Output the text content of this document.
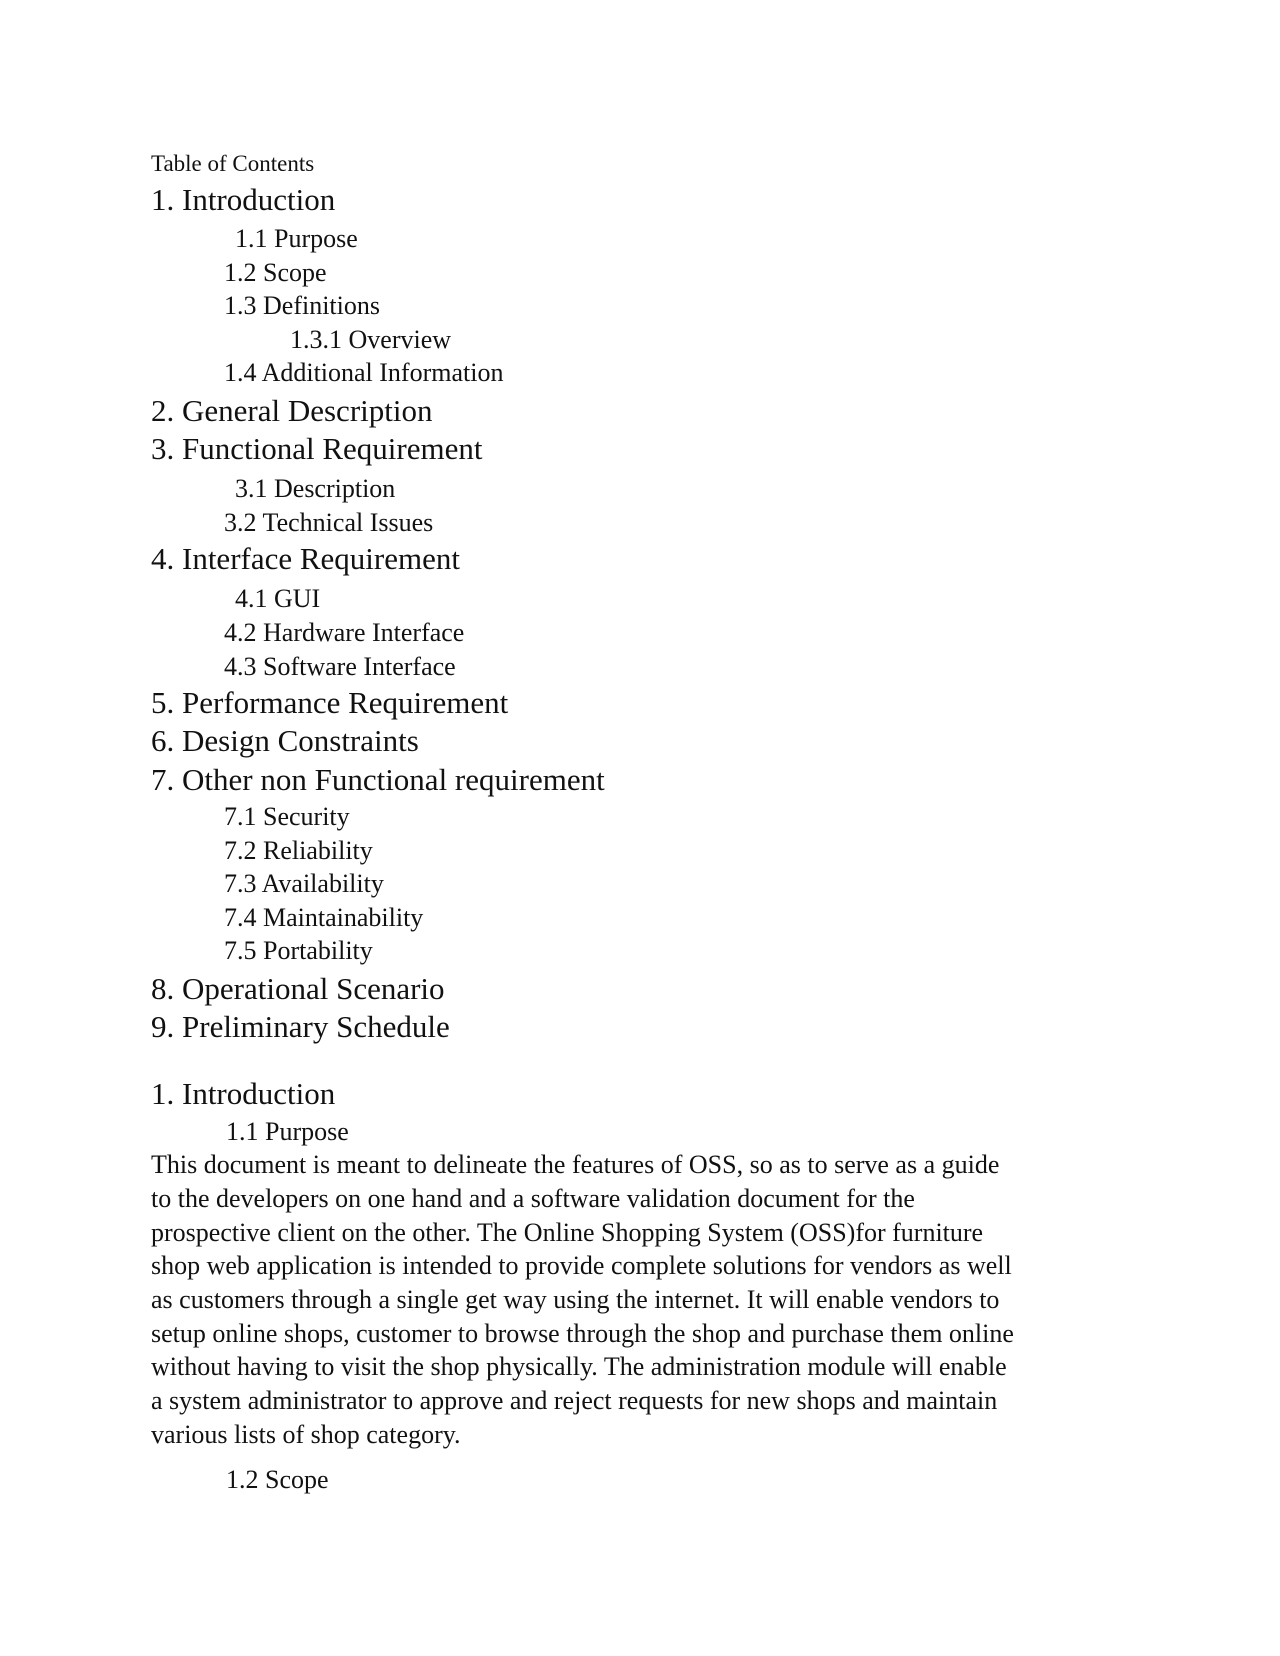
Table of Contents
1. Introduction
1.1 Purpose
1.2 Scope
1.3 Definitions
1.3.1 Overview
1.4 Additional Information
2. General Description
3. Functional Requirement
3.1 Description
3.2 Technical Issues
4. Interface Requirement
4.1 GUI
4.2 Hardware Interface
4.3 Software Interface
5. Performance Requirement
6. Design Constraints
7. Other non Functional requirement
7.1 Security
7.2 Reliability
7.3 Availability
7.4 Maintainability
7.5 Portability
8. Operational Scenario
9. Preliminary Schedule
1. Introduction
1.1 Purpose
This document is meant to delineate the features of OSS, so as to serve as a guide
to the developers on one hand and a software validation document for the
prospective client on the other. The Online Shopping System (OSS)for furniture
shop web application is intended to provide complete solutions for vendors as well
as customers through a single get way using the internet. It will enable vendors to
setup online shops, customer to browse through the shop and purchase them online
without having to visit the shop physically. The administration module will enable
a system administrator to approve and reject requests for new shops and maintain
various lists of shop category.
1.2 Scope
